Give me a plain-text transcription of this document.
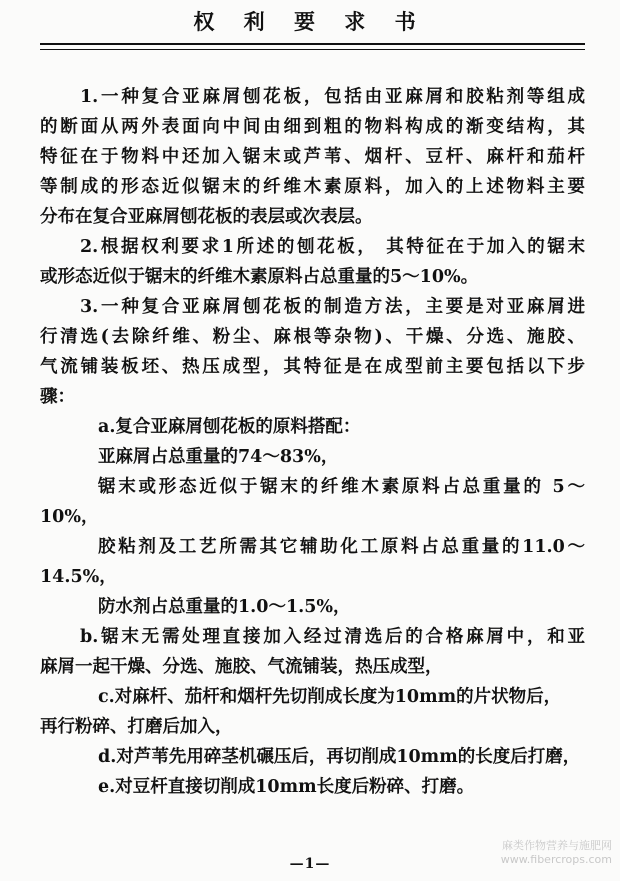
权 利 要 求 书
1.一种复合亚麻屑刨花板，包括由亚麻屑和胶粘剂等组成
的断面从两外表面向中间由细到粗的物料构成的渐变结构，其
特征在于物料中还加入锯末或芦苇、烟杆、豆杆、麻杆和茄杆
等制成的形态近似锯末的纤维木素原料，加入的上述物料主要
分布在复合亚麻屑刨花板的表层或次表层。
2.根据权利要求1所述的刨花板， 其特征在于加入的锯末
或形态近似于锯末的纤维木素原料占总重量的5～10%。
3.一种复合亚麻屑刨花板的制造方法，主要是对亚麻屑进
行清选(去除纤维、粉尘、麻根等杂物)、干燥、分选、施胶、
气流铺装板坯、热压成型，其特征是在成型前主要包括以下步
骤：
a.复合亚麻屑刨花板的原料搭配：
亚麻屑占总重量的74～83%，
锯末或形态近似于锯末的纤维木素原料占总重量的 5～
10%，
胶粘剂及工艺所需其它辅助化工原料占总重量的11.0～
14.5%，
防水剂占总重量的1.0～1.5%，
b.锯末无需处理直接加入经过清选后的合格麻屑中，和亚
麻屑一起干燥、分选、施胶、气流铺装，热压成型，
c.对麻杆、茄杆和烟杆先切削成长度为10mm的片状物后，
再行粉碎、打磨后加入，
d.对芦苇先用碎茎机碾压后，再切削成10mm的长度后打磨，
e.对豆杆直接切削成10mm长度后粉碎、打磨。
—1—
麻类作物营养与施肥网
www.fibercrops.com
